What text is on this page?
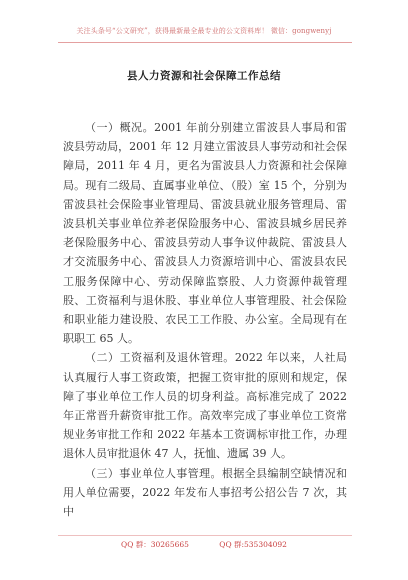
关注头条号“公文研究”，获得最新最全最专业的公文资料库！ 微信：gongwenyj
县人力资源和社会保障工作总结

（一）概况。2001 年前分别建立雷波县人事局和雷波县劳动局，2001 年 12 月建立雷波县人事劳动和社会保障局，2011 年 4 月，更名为雷波县人力资源和社会保障局。现有二级局、直属事业单位、（股）室 15 个，分别为雷波县社会保险事业管理局、雷波县就业服务管理局、雷波县机关事业单位养老保险服务中心、雷波县城乡居民养老保险服务中心、雷波县劳动人事争议仲裁院、雷波县人才交流服务中心、雷波县人力资源培训中心、雷波县农民工服务保障中心、劳动保障监察股、人力资源仲裁管理股、工资福利与退休股、事业单位人事管理股、社会保险和职业能力建设股、农民工工作股、办公室。全局现有在职职工 65 人。

（二）工资福利及退休管理。2022 年以来，人社局认真履行人事工资政策，把握工资审批的原则和规定，保障了事业单位工作人员的切身利益。高标准完成了 2022 年正常晋升薪资审批工作。高效率完成了事业单位工资常规业务审批工作和 2022 年基本工资调标审批工作，办理退休人员审批退休 47 人，抚恤、遗属 39 人。

（三）事业单位人事管理。根据全县编制空缺情况和用人单位需要，2022 年发布人事招考公招公告 7 次，其中

QQ 群：30265665	QQ 群:535304092
